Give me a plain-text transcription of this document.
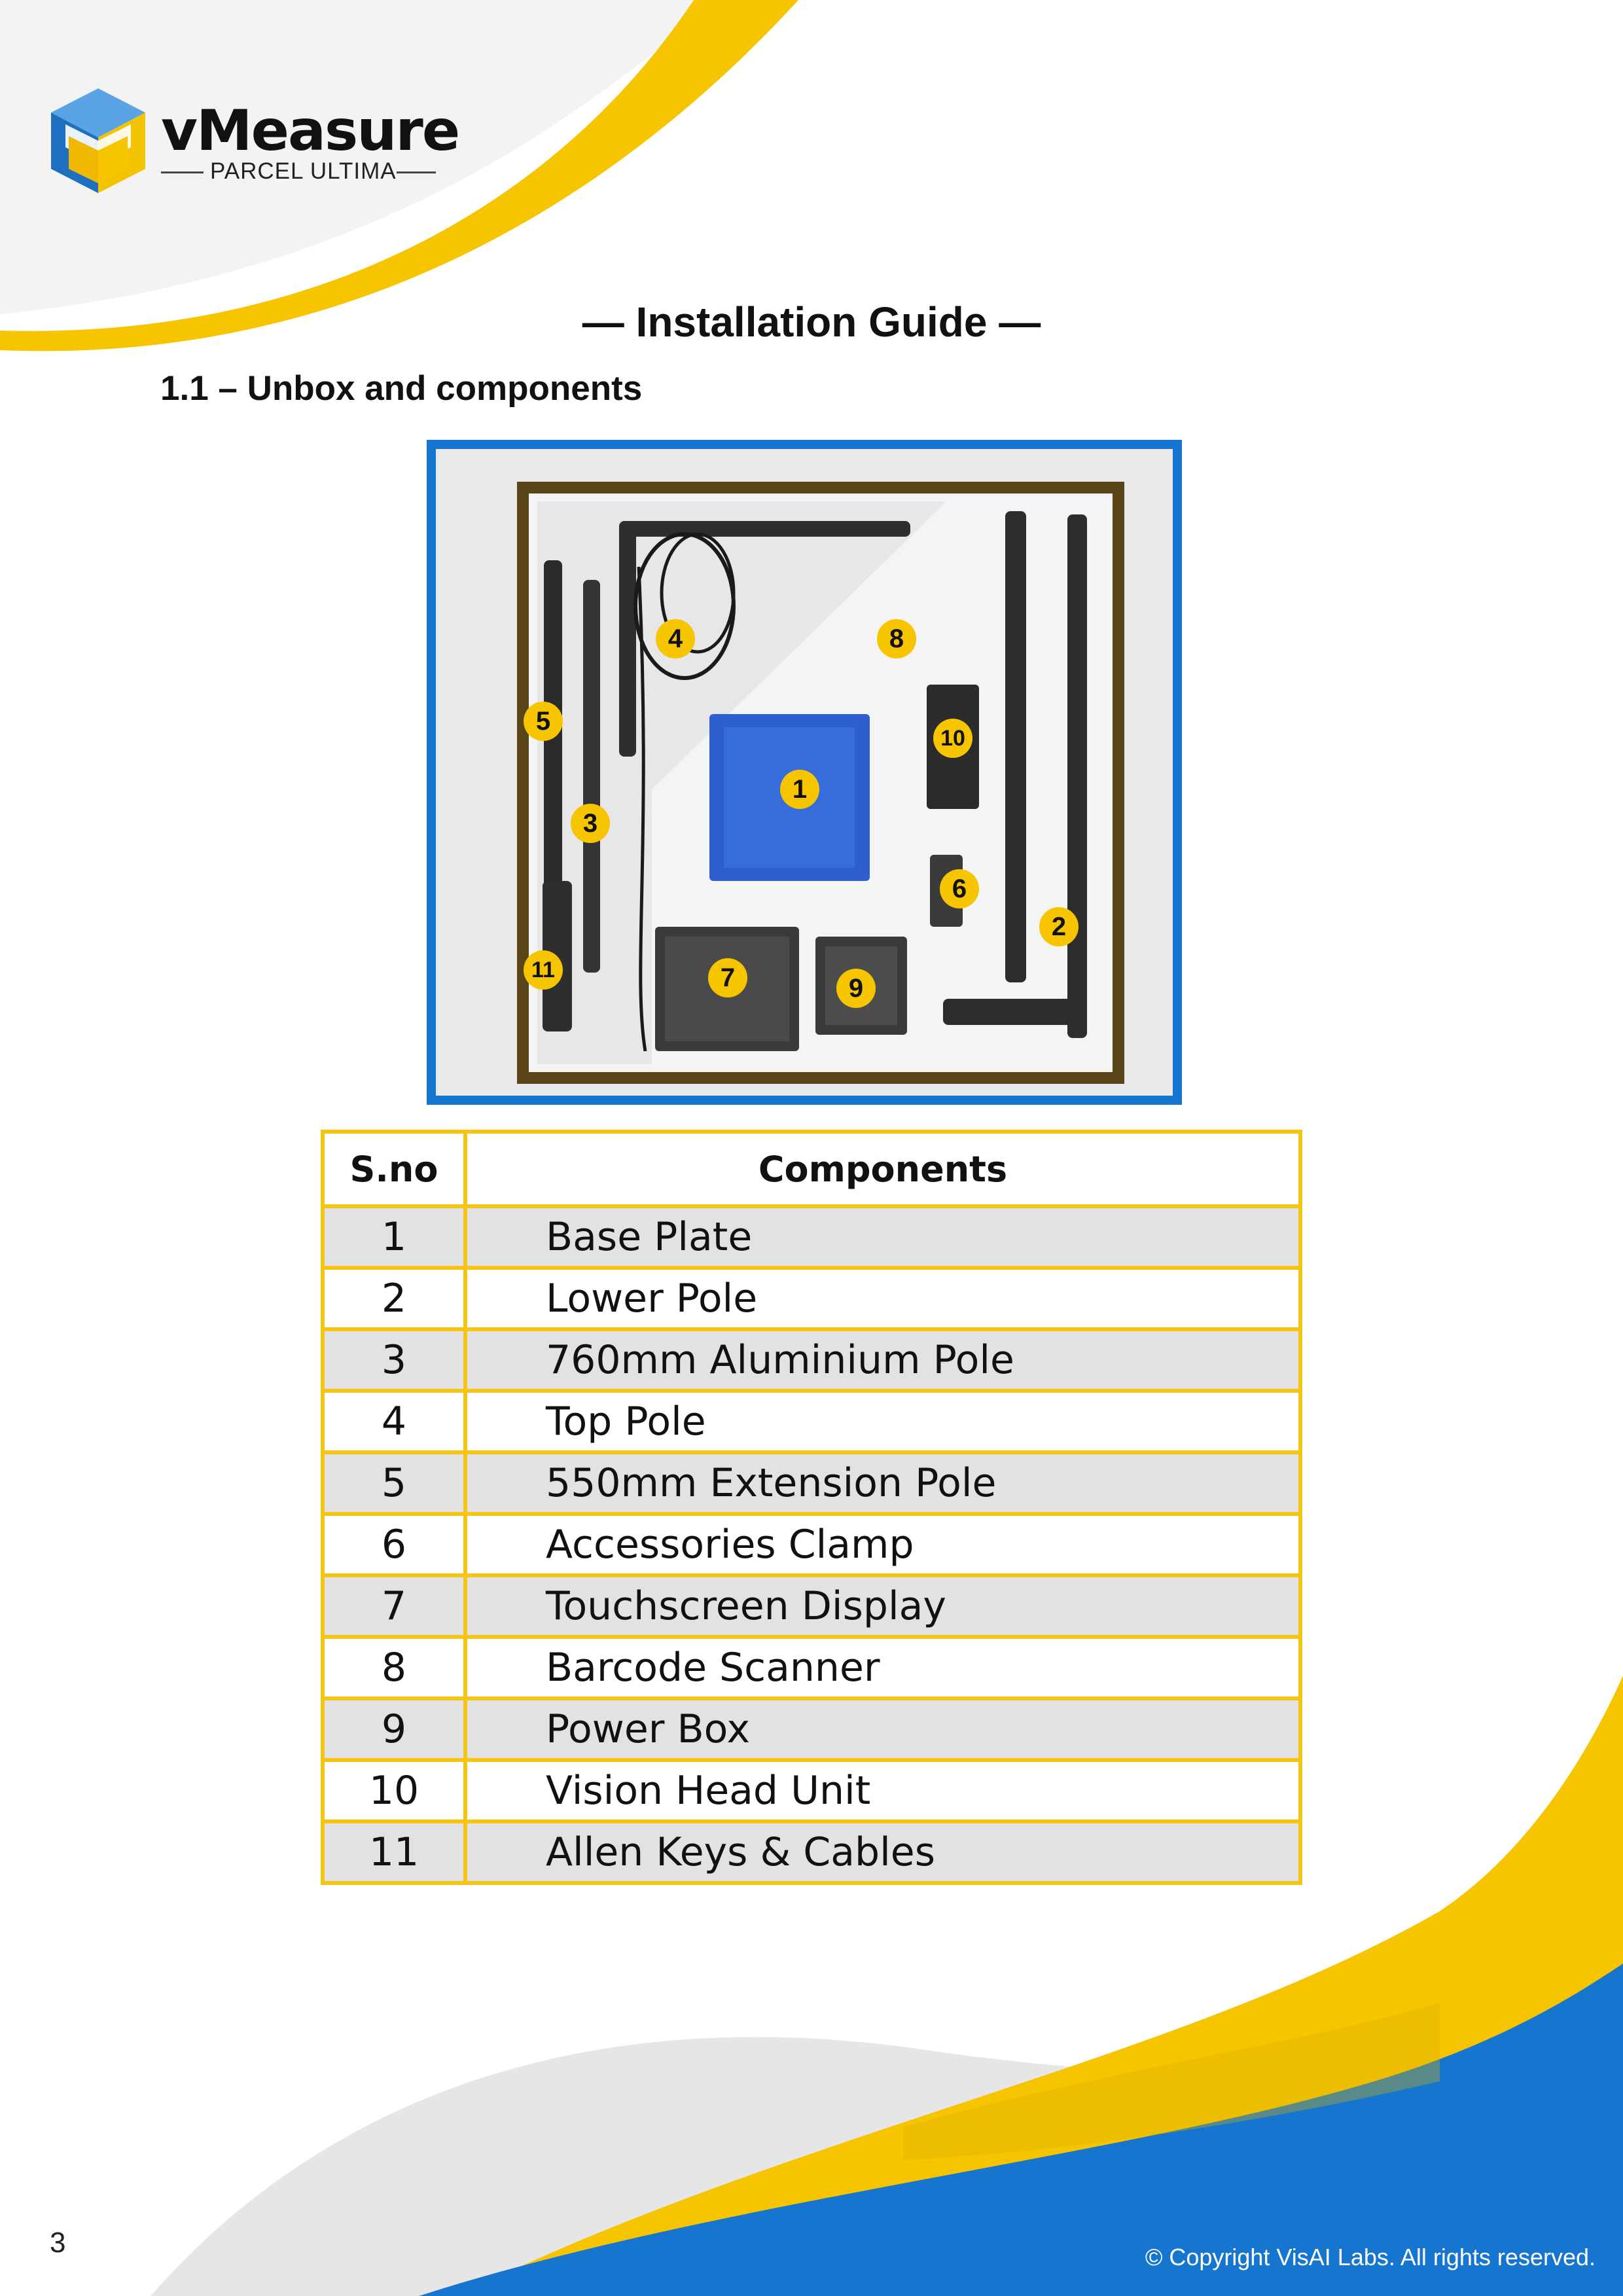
vMeasure
PARCEL ULTIMA
— Installation Guide —
1.1 – Unbox and components
1
2
3
4
5
6
7
8
9
10
11
S.no	Components
1	Base Plate
2	Lower Pole
3	760mm Aluminium Pole
4	Top Pole
5	550mm Extension Pole
6	Accessories Clamp
7	Touchscreen Display
8	Barcode Scanner
9	Power Box
10	Vision Head Unit
11	Allen Keys & Cables
3	© Copyright VisAI Labs. All rights reserved.
